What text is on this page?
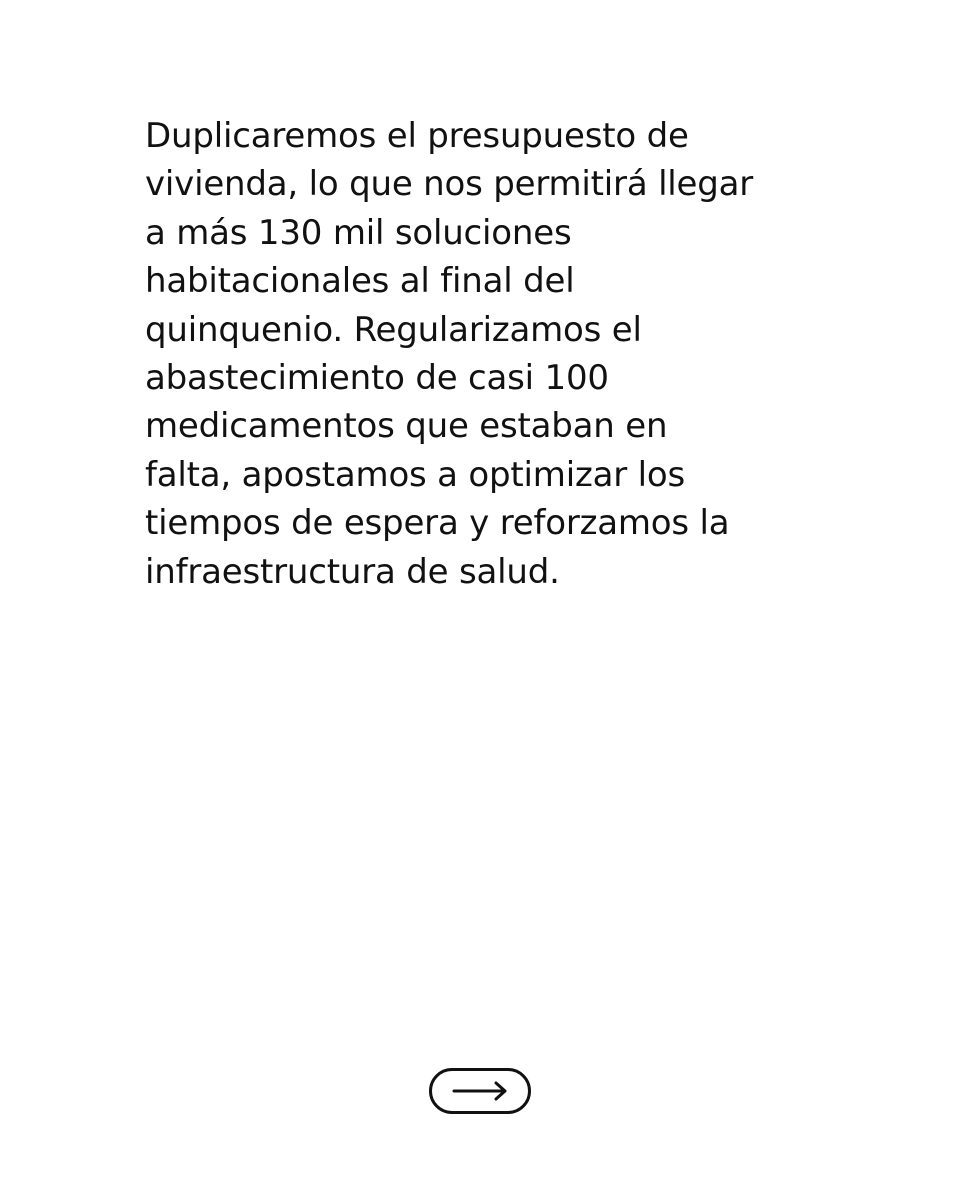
Duplicaremos el presupuesto de
vivienda, lo que nos permitirá llegar
a más 130 mil soluciones
habitacionales al final del
quinquenio. Regularizamos el
abastecimiento de casi 100
medicamentos que estaban en
falta, apostamos a optimizar los
tiempos de espera y reforzamos la
infraestructura de salud.
